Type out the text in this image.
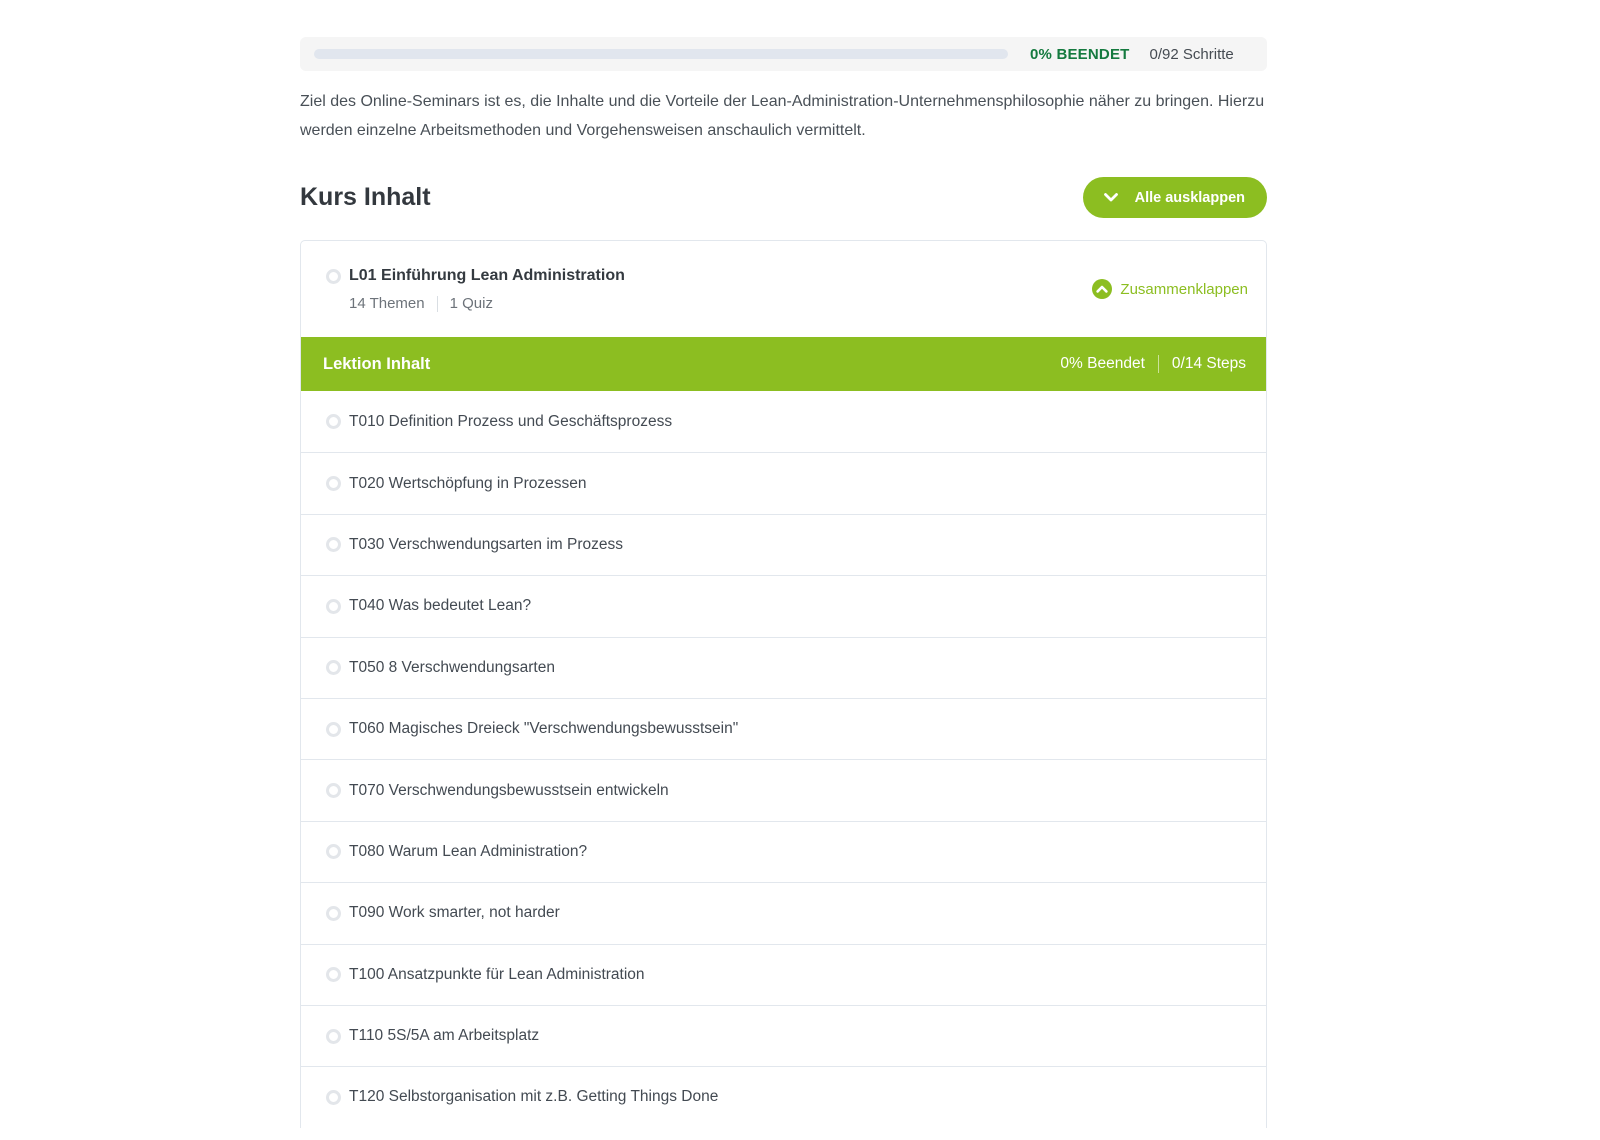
0% BEENDET 0/92 Schritte

Ziel des Online-Seminars ist es, die Inhalte und die Vorteile der Lean-Administration-Unternehmensphilosophie näher zu bringen. Hierzu werden einzelne Arbeitsmethoden und Vorgehensweisen anschaulich vermittelt.

Kurs Inhalt	Alle ausklappen
L01 Einführung Lean Administration
14 Themen 1 Quiz
Zusammenklappen
Lektion Inhalt	0% Beendet 0/14 Steps
T010 Definition Prozess und Geschäftsprozess
T020 Wertschöpfung in Prozessen
T030 Verschwendungsarten im Prozess
T040 Was bedeutet Lean?
T050 8 Verschwendungsarten
T060 Magisches Dreieck "Verschwendungsbewusstsein"
T070 Verschwendungsbewusstsein entwickeln
T080 Warum Lean Administration?
T090 Work smarter, not harder
T100 Ansatzpunkte für Lean Administration
T110 5S/5A am Arbeitsplatz
T120 Selbstorganisation mit z.B. Getting Things Done
